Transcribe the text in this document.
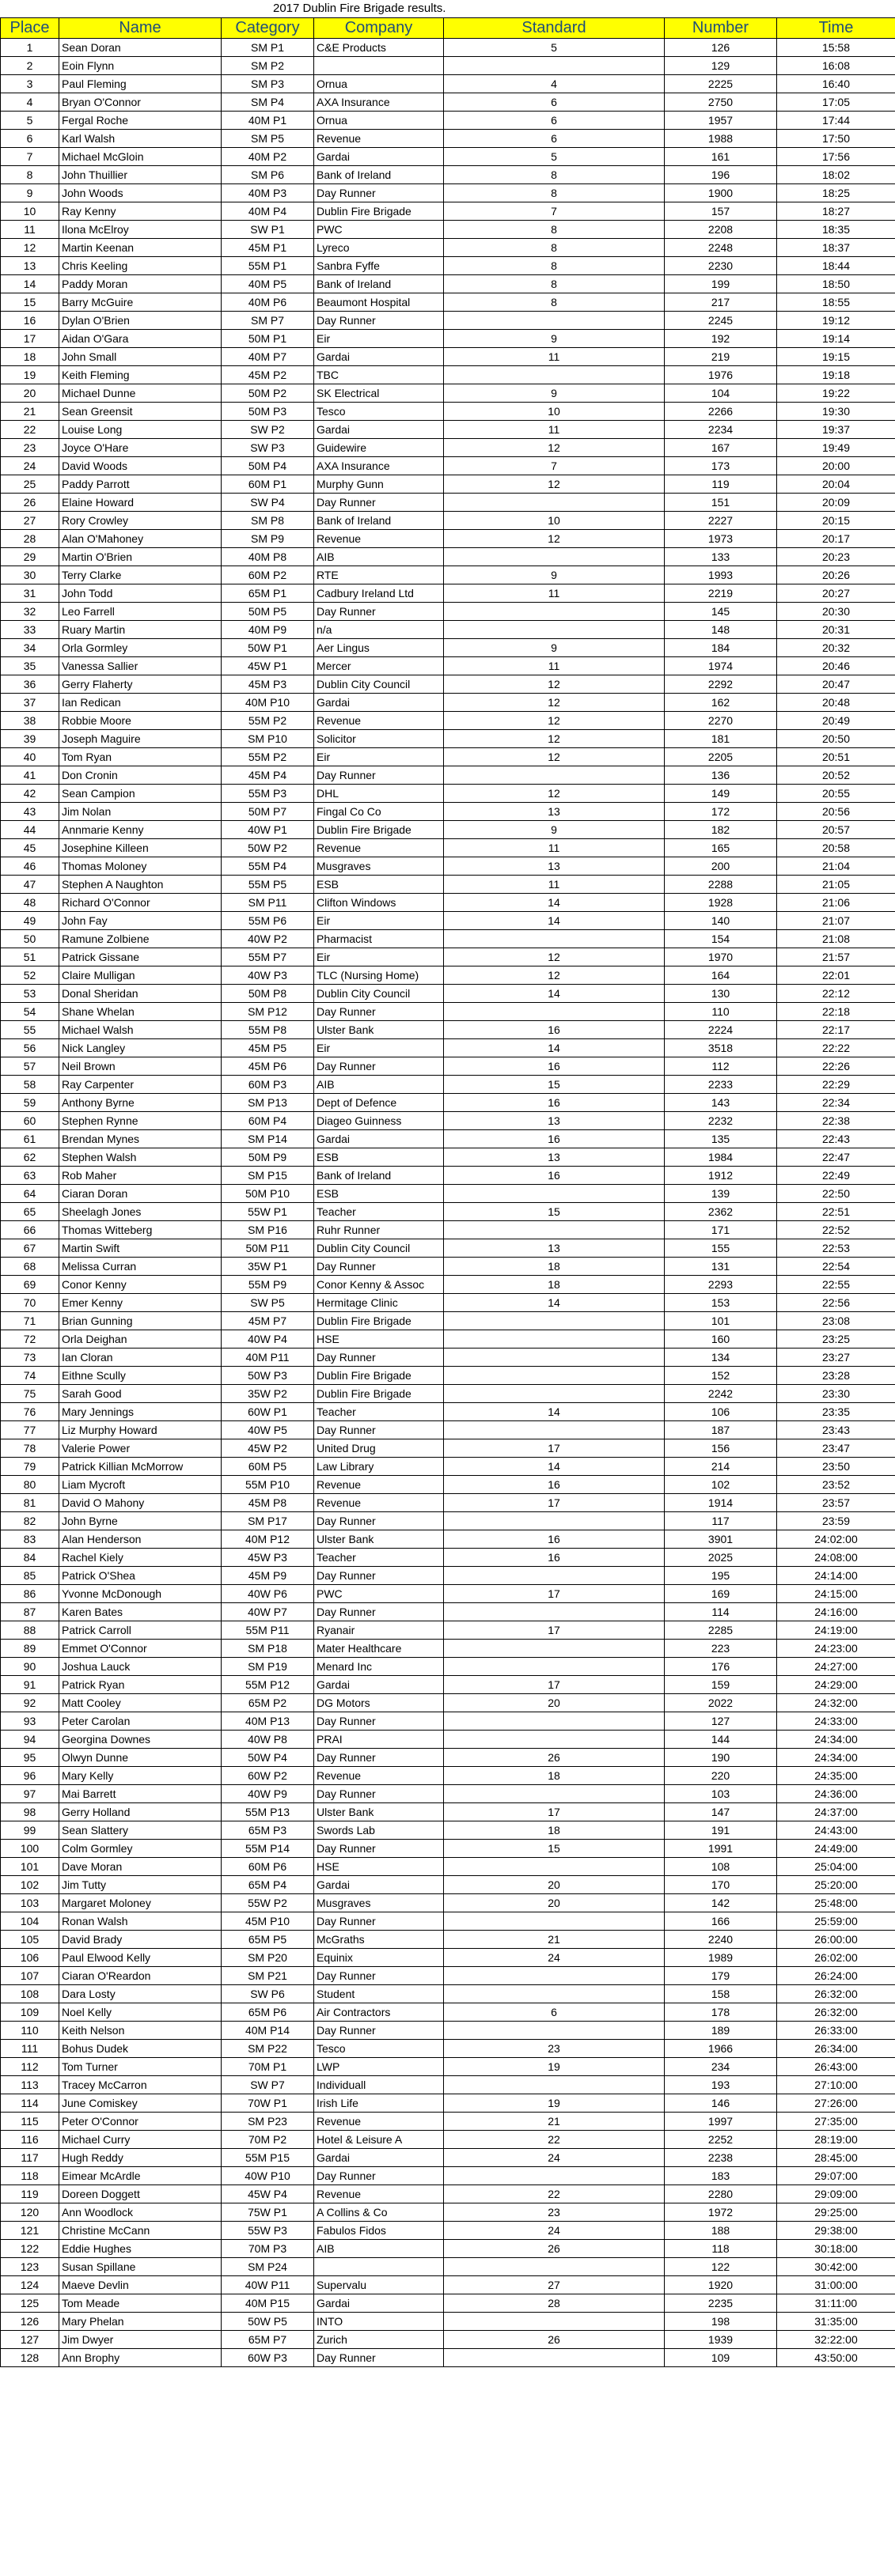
2017 Dublin Fire Brigade results.
Place	Name	Category	Company	Standard	Number	Time
1	Sean Doran	SM P1	C&E Products	5	126	15:58
2	Eoin Flynn	SM P2			129	16:08
3	Paul Fleming	SM P3	Ornua	4	2225	16:40
4	Bryan O'Connor	SM P4	AXA Insurance	6	2750	17:05
5	Fergal Roche	40M P1	Ornua	6	1957	17:44
6	Karl Walsh	SM P5	Revenue	6	1988	17:50
7	Michael McGloin	40M P2	Gardai	5	161	17:56
8	John Thuillier	SM P6	Bank of Ireland	8	196	18:02
9	John Woods	40M P3	Day Runner	8	1900	18:25
10	Ray Kenny	40M P4	Dublin Fire Brigade	7	157	18:27
11	Ilona McElroy	SW P1	PWC	8	2208	18:35
12	Martin Keenan	45M P1	Lyreco	8	2248	18:37
13	Chris Keeling	55M P1	Sanbra Fyffe	8	2230	18:44
14	Paddy Moran	40M P5	Bank of Ireland	8	199	18:50
15	Barry McGuire	40M P6	Beaumont Hospital	8	217	18:55
16	Dylan O'Brien	SM P7	Day Runner		2245	19:12
17	Aidan O'Gara	50M P1	Eir	9	192	19:14
18	John Small	40M P7	Gardai	11	219	19:15
19	Keith Fleming	45M P2	TBC		1976	19:18
20	Michael Dunne	50M P2	SK Electrical	9	104	19:22
21	Sean Greensit	50M P3	Tesco	10	2266	19:30
22	Louise Long	SW P2	Gardai	11	2234	19:37
23	Joyce O'Hare	SW P3	Guidewire	12	167	19:49
24	David Woods	50M P4	AXA Insurance	7	173	20:00
25	Paddy Parrott	60M P1	Murphy Gunn	12	119	20:04
26	Elaine Howard	SW P4	Day Runner		151	20:09
27	Rory Crowley	SM P8	Bank of Ireland	10	2227	20:15
28	Alan O'Mahoney	SM P9	Revenue	12	1973	20:17
29	Martin O'Brien	40M P8	AIB		133	20:23
30	Terry Clarke	60M P2	RTE	9	1993	20:26
31	John Todd	65M P1	Cadbury Ireland Ltd	11	2219	20:27
32	Leo Farrell	50M P5	Day Runner		145	20:30
33	Ruary Martin	40M P9	n/a		148	20:31
34	Orla Gormley	50W P1	Aer Lingus	9	184	20:32
35	Vanessa Sallier	45W P1	Mercer	11	1974	20:46
36	Gerry Flaherty	45M P3	Dublin City Council	12	2292	20:47
37	Ian Redican	40M P10	Gardai	12	162	20:48
38	Robbie Moore	55M P2	Revenue	12	2270	20:49
39	Joseph Maguire	SM P10	Solicitor	12	181	20:50
40	Tom Ryan	55M P2	Eir	12	2205	20:51
41	Don Cronin	45M P4	Day Runner		136	20:52
42	Sean Campion	55M P3	DHL	12	149	20:55
43	Jim Nolan	50M P7	Fingal Co Co	13	172	20:56
44	Annmarie Kenny	40W P1	Dublin Fire Brigade	9	182	20:57
45	Josephine Killeen	50W P2	Revenue	11	165	20:58
46	Thomas Moloney	55M P4	Musgraves	13	200	21:04
47	Stephen A Naughton	55M P5	ESB	11	2288	21:05
48	Richard O'Connor	SM P11	Clifton Windows	14	1928	21:06
49	John Fay	55M P6	Eir	14	140	21:07
50	Ramune Zolbiene	40W P2	Pharmacist		154	21:08
51	Patrick Gissane	55M P7	Eir	12	1970	21:57
52	Claire Mulligan	40W P3	TLC (Nursing Home)	12	164	22:01
53	Donal Sheridan	50M P8	Dublin City Council	14	130	22:12
54	Shane Whelan	SM P12	Day Runner		110	22:18
55	Michael Walsh	55M P8	Ulster Bank	16	2224	22:17
56	Nick Langley	45M P5	Eir	14	3518	22:22
57	Neil Brown	45M P6	Day Runner	16	112	22:26
58	Ray Carpenter	60M P3	AIB	15	2233	22:29
59	Anthony Byrne	SM P13	Dept of Defence	16	143	22:34
60	Stephen Rynne	60M P4	Diageo Guinness	13	2232	22:38
61	Brendan Mynes	SM P14	Gardai	16	135	22:43
62	Stephen Walsh	50M P9	ESB	13	1984	22:47
63	Rob Maher	SM P15	Bank of Ireland	16	1912	22:49
64	Ciaran Doran	50M P10	ESB		139	22:50
65	Sheelagh Jones	55W P1	Teacher	15	2362	22:51
66	Thomas Witteberg	SM P16	Ruhr Runner		171	22:52
67	Martin Swift	50M P11	Dublin City Council	13	155	22:53
68	Melissa Curran	35W P1	Day Runner	18	131	22:54
69	Conor Kenny	55M P9	Conor Kenny & Assoc	18	2293	22:55
70	Emer Kenny	SW P5	Hermitage Clinic	14	153	22:56
71	Brian Gunning	45M P7	Dublin Fire Brigade		101	23:08
72	Orla Deighan	40W P4	HSE		160	23:25
73	Ian Cloran	40M P11	Day Runner		134	23:27
74	Eithne Scully	50W P3	Dublin Fire Brigade		152	23:28
75	Sarah Good	35W P2	Dublin Fire Brigade		2242	23:30
76	Mary Jennings	60W P1	Teacher	14	106	23:35
77	Liz Murphy Howard	40W P5	Day Runner		187	23:43
78	Valerie Power	45W P2	United Drug	17	156	23:47
79	Patrick Killian McMorrow	60M P5	Law Library	14	214	23:50
80	Liam Mycroft	55M P10	Revenue	16	102	23:52
81	David O Mahony	45M P8	Revenue	17	1914	23:57
82	John Byrne	SM P17	Day Runner		117	23:59
83	Alan Henderson	40M P12	Ulster Bank	16	3901	24:02:00
84	Rachel Kiely	45W P3	Teacher	16	2025	24:08:00
85	Patrick O'Shea	45M P9	Day Runner		195	24:14:00
86	Yvonne McDonough	40W P6	PWC	17	169	24:15:00
87	Karen Bates	40W P7	Day Runner		114	24:16:00
88	Patrick Carroll	55M P11	Ryanair	17	2285	24:19:00
89	Emmet O'Connor	SM P18	Mater Healthcare		223	24:23:00
90	Joshua Lauck	SM P19	Menard Inc		176	24:27:00
91	Patrick Ryan	55M P12	Gardai	17	159	24:29:00
92	Matt Cooley	65M P2	DG Motors	20	2022	24:32:00
93	Peter Carolan	40M P13	Day Runner		127	24:33:00
94	Georgina Downes	40W P8	PRAI		144	24:34:00
95	Olwyn Dunne	50W P4	Day Runner	26	190	24:34:00
96	Mary Kelly	60W P2	Revenue	18	220	24:35:00
97	Mai Barrett	40W P9	Day Runner		103	24:36:00
98	Gerry Holland	55M P13	Ulster Bank	17	147	24:37:00
99	Sean Slattery	65M P3	Swords Lab	18	191	24:43:00
100	Colm Gormley	55M P14	Day Runner	15	1991	24:49:00
101	Dave Moran	60M P6	HSE		108	25:04:00
102	Jim Tutty	65M P4	Gardai	20	170	25:20:00
103	Margaret Moloney	55W P2	Musgraves	20	142	25:48:00
104	Ronan Walsh	45M P10	Day Runner		166	25:59:00
105	David Brady	65M P5	McGraths	21	2240	26:00:00
106	Paul Elwood Kelly	SM P20	Equinix	24	1989	26:02:00
107	Ciaran O'Reardon	SM P21	Day Runner		179	26:24:00
108	Dara Losty	SW P6	Student		158	26:32:00
109	Noel Kelly	65M P6	Air Contractors	6	178	26:32:00
110	Keith Nelson	40M P14	Day Runner		189	26:33:00
111	Bohus Dudek	SM P22	Tesco	23	1966	26:34:00
112	Tom Turner	70M P1	LWP	19	234	26:43:00
113	Tracey McCarron	SW P7	Individuall		193	27:10:00
114	June Comiskey	70W P1	Irish Life	19	146	27:26:00
115	Peter O'Connor	SM P23	Revenue	21	1997	27:35:00
116	Michael Curry	70M P2	Hotel & Leisure A	22	2252	28:19:00
117	Hugh Reddy	55M P15	Gardai	24	2238	28:45:00
118	Eimear McArdle	40W P10	Day Runner		183	29:07:00
119	Doreen Doggett	45W P4	Revenue	22	2280	29:09:00
120	Ann Woodlock	75W P1	A Collins & Co	23	1972	29:25:00
121	Christine McCann	55W P3	Fabulos Fidos	24	188	29:38:00
122	Eddie Hughes	70M P3	AIB	26	118	30:18:00
123	Susan Spillane	SM P24			122	30:42:00
124	Maeve Devlin	40W P11	Supervalu	27	1920	31:00:00
125	Tom Meade	40M P15	Gardai	28	2235	31:11:00
126	Mary Phelan	50W P5	INTO		198	31:35:00
127	Jim Dwyer	65M P7	Zurich	26	1939	32:22:00
128	Ann Brophy	60W P3	Day Runner		109	43:50:00
